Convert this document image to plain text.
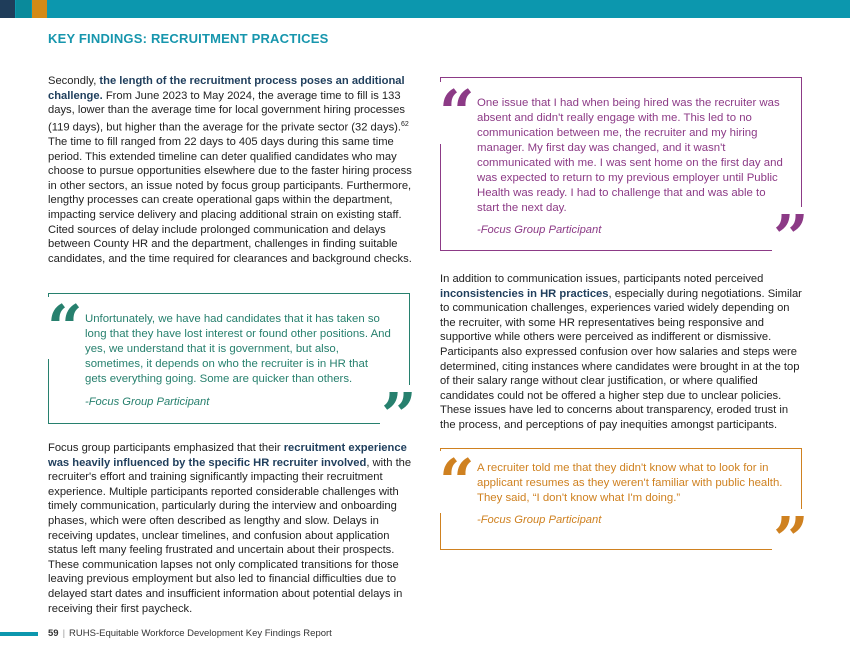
KEY FINDINGS: RECRUITMENT PRACTICES

Secondly, the length of the recruitment process poses an additional challenge. From June 2023 to May 2024, the average time to fill is 133 days, lower than the average time for local government hiring processes (119 days), but higher than the average for the private sector (32 days).$^{62}$ The time to fill ranged from 22 days to 405 days during this same time period. This extended timeline can deter qualified candidates who may choose to pursue opportunities elsewhere due to the faster hiring process in other sectors, an issue noted by focus group participants. Furthermore, lengthy processes can create operational gaps within the department, impacting service delivery and placing additional strain on existing staff. Cited sources of delay include prolonged communication and delays between County HR and the department, challenges in finding suitable candidates, and the time required for clearances and background checks.

Unfortunately, we have had candidates that it has taken so long that they have lost interest or found other positions. And yes, we understand that it is government, but also, sometimes, it depends on who the recruiter is in HR that gets everything going. Some are quicker than others.
-Focus Group Participant
“
”

Focus group participants emphasized that their recruitment experience was heavily influenced by the specific HR recruiter involved, with the recruiter's effort and training significantly impacting their recruitment experience. Multiple participants reported considerable challenges with timely communication, particularly during the interview and onboarding phases, which were often described as lengthy and slow. Delays in receiving updates, unclear timelines, and confusion about application status left many feeling frustrated and uncertain about their prospects. These communication lapses not only complicated transitions for those leaving previous employment but also led to financial difficulties due to delayed start dates and insufficient information about potential delays in receiving their first paycheck.

One issue that I had when being hired was the recruiter was absent and didn't really engage with me. This led to no communication between me, the recruiter and my hiring manager. My first day was changed, and it wasn't communicated with me. I was sent home on the first day and was expected to return to my previous employer until Public Health was ready. I had to challenge that and was able to start the next day.
-Focus Group Participant
“
”

In addition to communication issues, participants noted perceived inconsistencies in HR practices, especially during negotiations. Similar to communication challenges, experiences varied widely depending on the recruiter, with some HR representatives being responsive and supportive while others were perceived as indifferent or dismissive. Participants also expressed confusion over how salaries and steps were determined, citing instances where candidates were brought in at the top of their salary range without clear justification, or where qualified candidates could not be offered a higher step due to unclear policies. These issues have led to concerns about transparency, eroded trust in the process, and perceptions of pay inequities amongst participants.

A recruiter told me that they didn't know what to look for in applicant resumes as they weren't familiar with public health. They said, “I don't know what I'm doing.”
-Focus Group Participant
“
”
59 | RUHS-Equitable Workforce Development Key Findings Report
